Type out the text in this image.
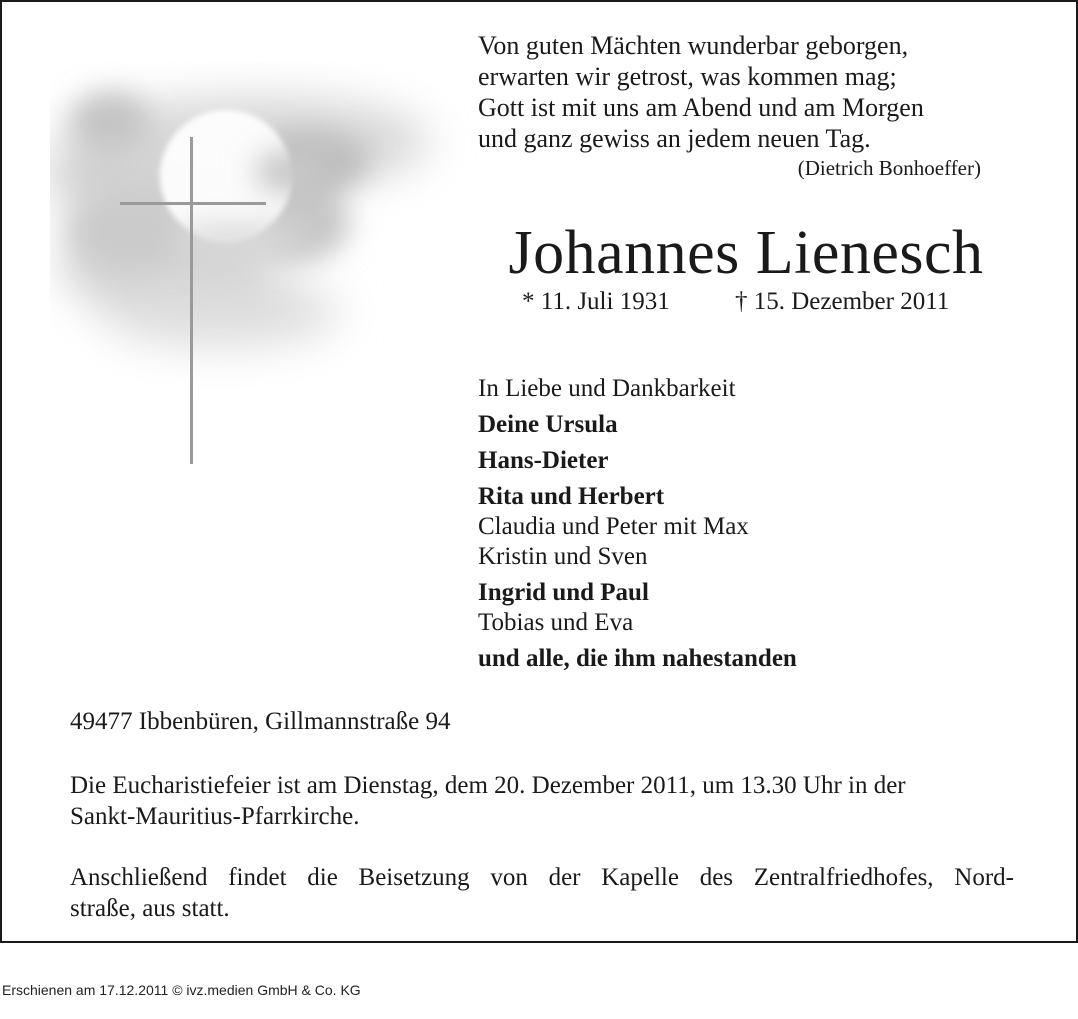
Von guten Mächten wunderbar geborgen,
erwarten wir getrost, was kommen mag;
Gott ist mit uns am Abend und am Morgen
und ganz gewiss an jedem neuen Tag.
(Dietrich Bonhoeffer)
Johannes Lienesch
* 11. Juli 1931	† 15. Dezember 2011
In Liebe und Dankbarkeit
Deine Ursula
Hans-Dieter
Rita und Herbert
Claudia und Peter mit Max
Kristin und Sven
Ingrid und Paul
Tobias und Eva
und alle, die ihm nahestanden
49477 Ibbenbüren, Gillmannstraße 94
Die Eucharistiefeier ist am Dienstag, dem 20. Dezember 2011, um 13.30 Uhr in der
Sankt-Mauritius-Pfarrkirche.
Anschließend findet die Beisetzung von der Kapelle des Zentralfriedhofes, Nord-
straße, aus statt.
Erschienen am 17.12.2011 © ivz.medien GmbH & Co. KG
